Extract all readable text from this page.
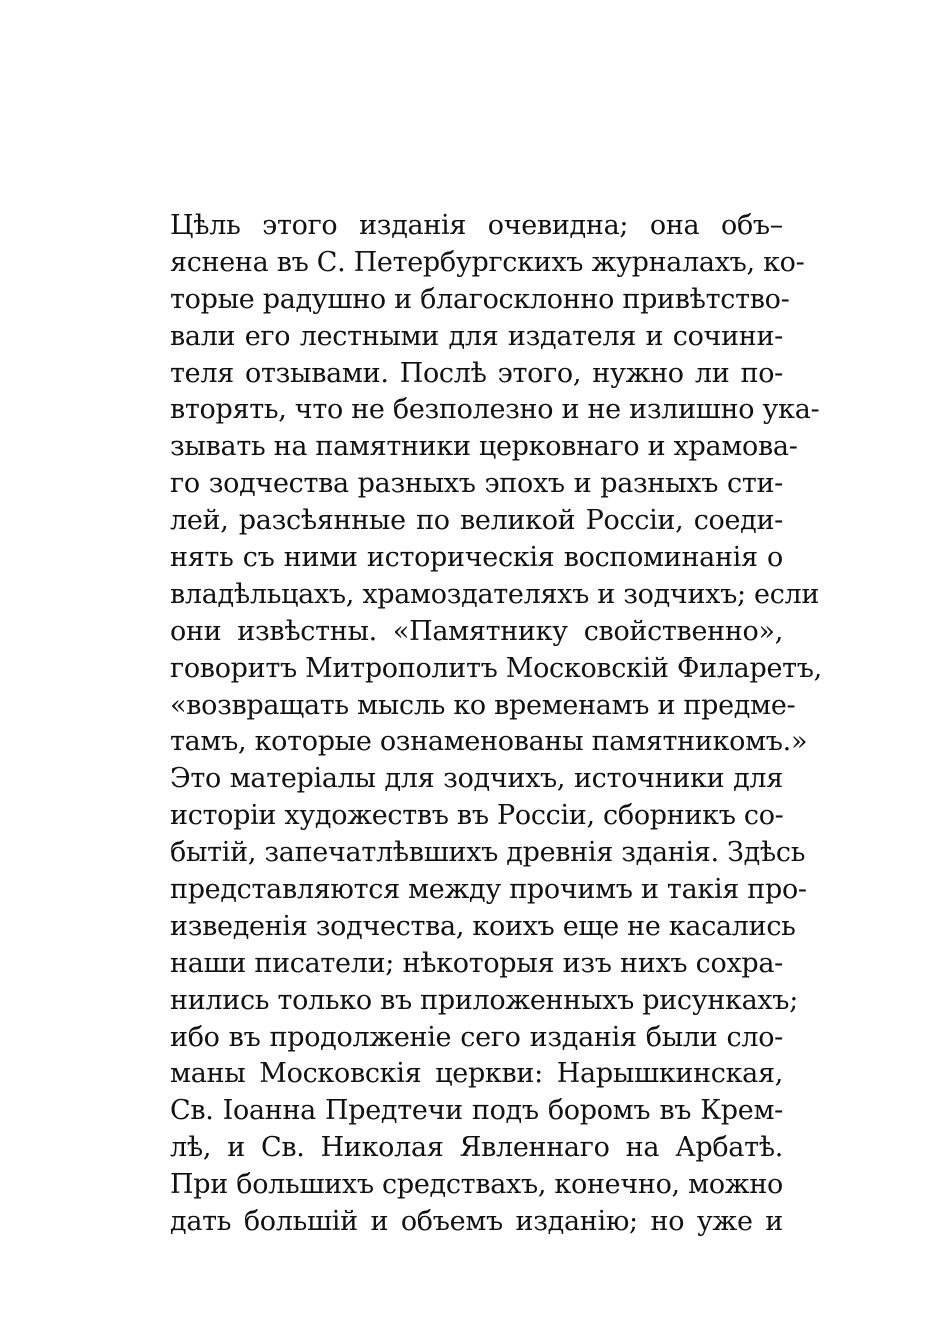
Цѣль этого изданія очевидна; она объ–
яснена въ С. Петербургскихъ журналахъ, ко-
торые радушно и благосклонно привѣтство-
вали его лестными для издателя и сочини-
теля отзывами. Послѣ этого, нужно ли по-
вторять, что не безполезно и не излишно ука-
зывать на памятники церковнаго и храмова-
го зодчества разныхъ эпохъ и разныхъ сти-
лей, разсѣянные по великой Россіи, соеди-
нять съ ними историческія воспоминанія о
владѣльцахъ, храмоздателяхъ и зодчихъ; если
они извѣстны. «Памятнику свойственно»,
говоритъ Митрополитъ Московскій Филаретъ,
«возвращать мысль ко временамъ и предме-
тамъ, которые ознаменованы памятникомъ.»
Это матеріалы для зодчихъ, источники для
исторіи художествъ въ Россіи, сборникъ со-
бытій, запечатлѣвшихъ древнія зданія. Здѣсь
представляются между прочимъ и такія про-
изведенія зодчества, коихъ еще не касались
наши писатели; нѣкоторыя изъ нихъ сохра-
нились только въ приложенныхъ рисункахъ;
ибо въ продолженіе сего изданія были сло-
маны Московскія церкви: Нарышкинская,
Св. Іоанна Предтечи подъ боромъ въ Крем-
лѣ, и Св. Николая Явленнаго на Арбатѣ.
При большихъ средствахъ, конечно, можно
дать большій и объемъ изданію; но уже и
